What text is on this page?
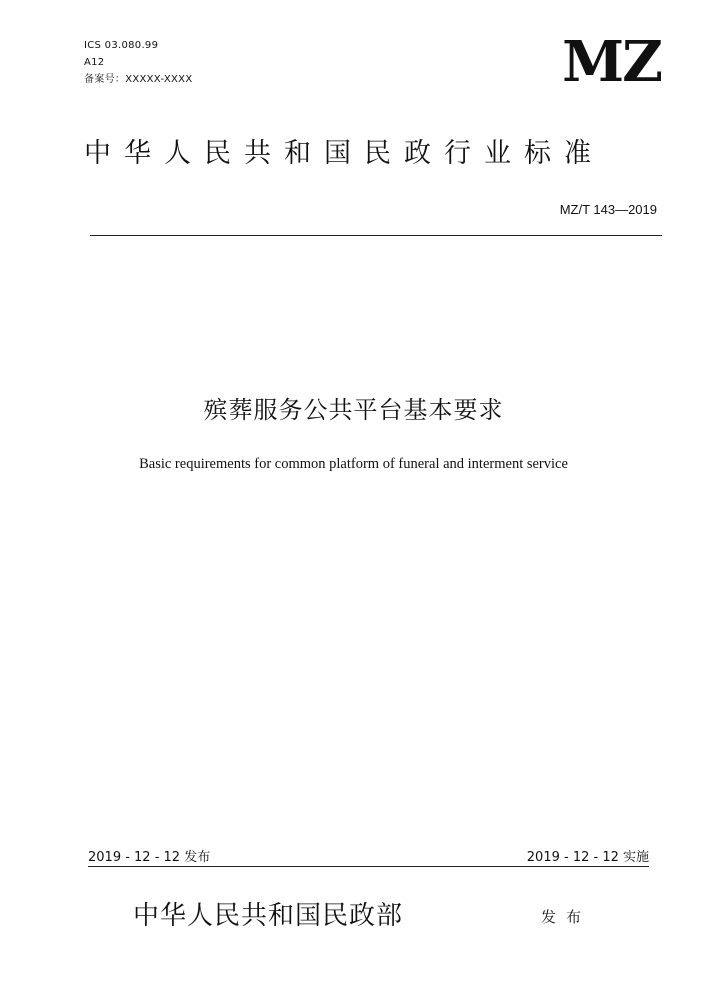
ICS 03.080.99
A12
备案号：XXXXX-XXXX	MZ
中华人民共和国民政行业标准
MZ/T 143—2019
殡葬服务公共平台基本要求
Basic requirements for common platform of funeral and interment service
2019 - 12 - 12 发布	2019 - 12 - 12 实施
中华人民共和国民政部	发布
